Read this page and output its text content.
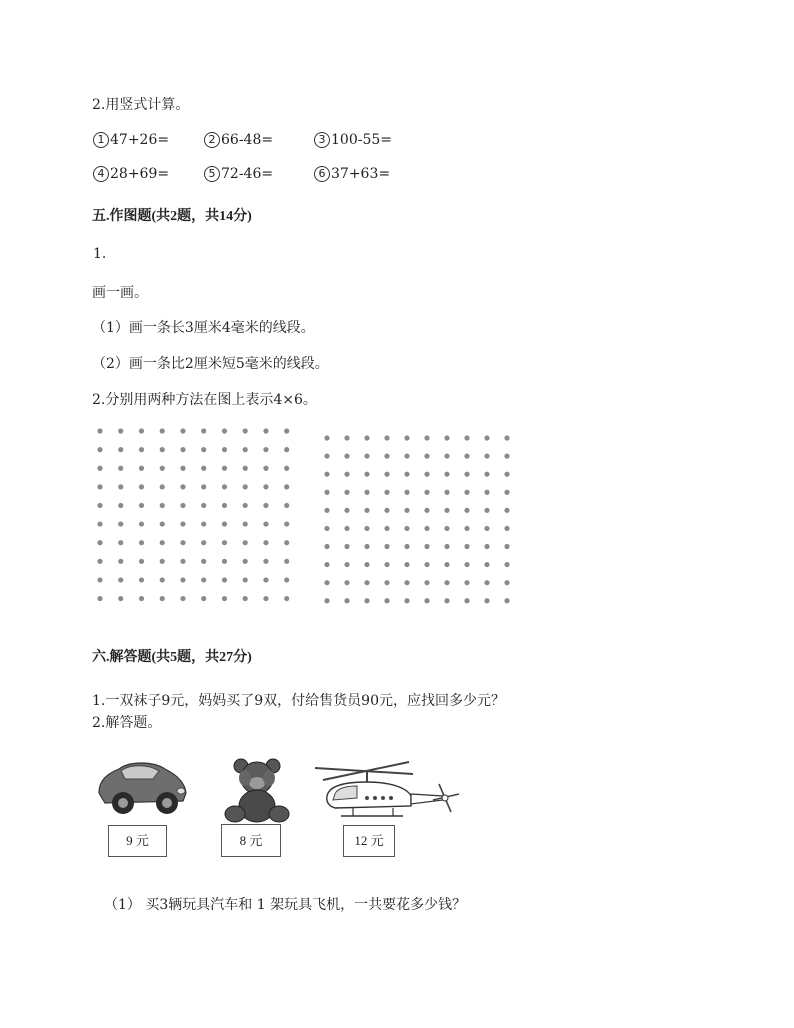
2.用竖式计算。
1 47+26=	2 66-48=	3 100-55=
4 28+69=	5 72-46=	6 37+63=
五.作图题(共2题，共14分)
1.
画一画。
（1）画一条长3厘米4毫米的线段。
（2）画一条比2厘米短5毫米的线段。
2.分别用两种方法在图上表示4×6。
六.解答题(共5题，共27分)
1.一双袜子9元，妈妈买了9双，付给售货员90元，应找回多少元？
2.解答题。
9 元	8 元	12 元
（1） 买3辆玩具汽车和 1 架玩具飞机，一共要花多少钱？
